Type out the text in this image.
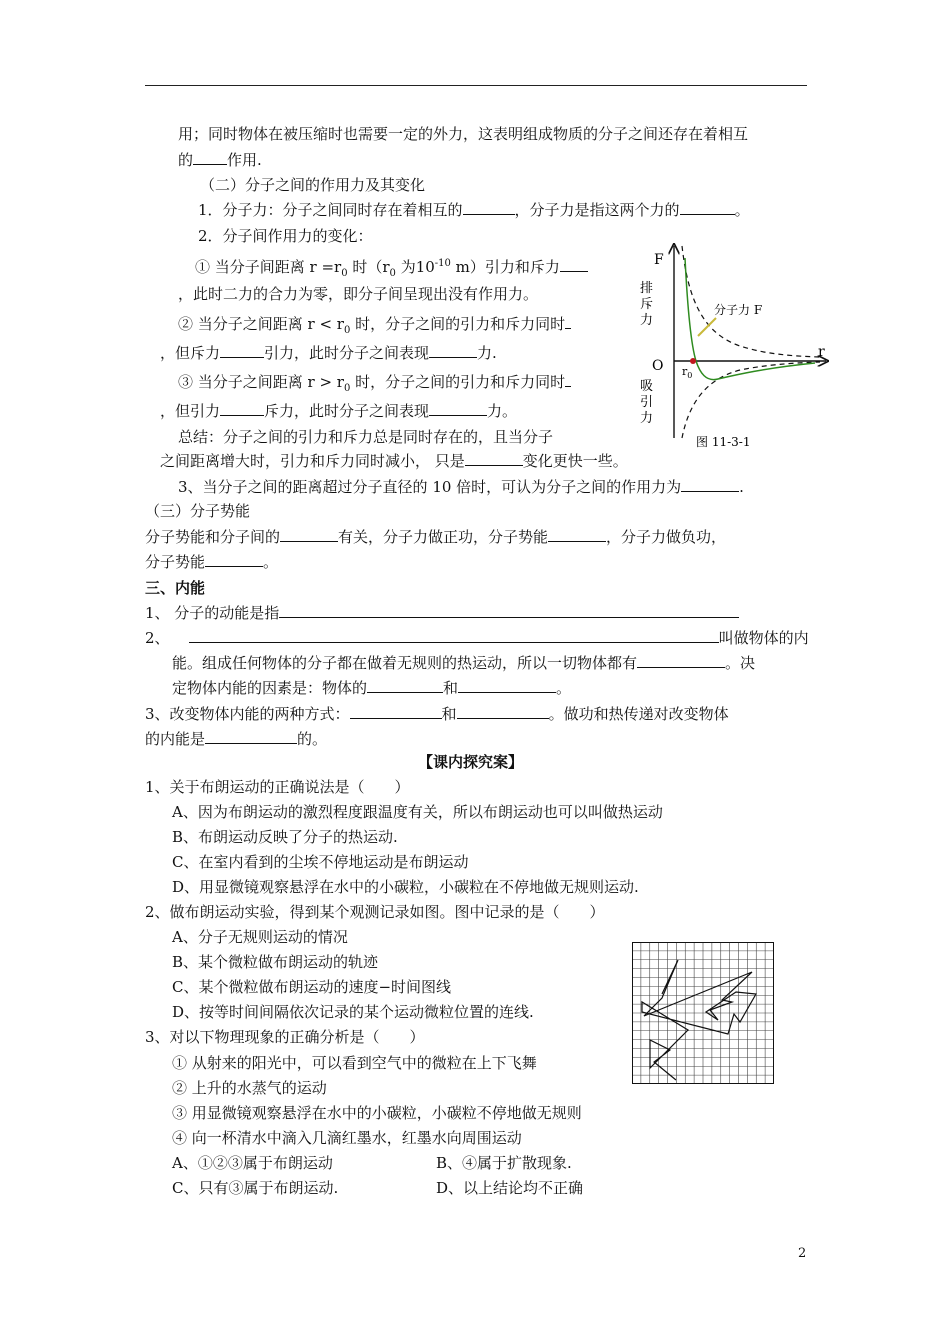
用；同时物体在被压缩时也需要一定的外力，这表明组成物质的分子之间还存在着相互
的 作用.
（二）分子之间的作用力及其变化
1．分子力：分子之间同时存在着相互的	，分子力是指这两个力的	。
2．分子间作用力的变化：
① 当分子间距离 $r =r_0$ 时（$r_0$ 为$10^{-10}$ m）引力和斥力
，此时二力的合力为零，即分子间呈现出没有作用力。
② 当分子之间距离 $r < r_0$ 时，分子之间的引力和斥力同时
，但斥力	引力，此时分子之间表现	力.
③ 当分子之间距离 $r > r_0$ 时，分子之间的引力和斥力同时
，但引力	斥力，此时分子之间表现	力。
总结：分子之间的引力和斥力总是同时存在的，且当分子
之间距离增大时，引力和斥力同时减小， 只是	变化更快一些。
3、当分子之间的距离超过分子直径的 10 倍时，可认为分子之间的作用力为	.
（三）分子势能
分子势能和分子间的	有关，分子力做正功，分子势能	，分子力做负功，
分子势能	。
三、内能
1、 分子的动能是指
2、	叫做物体的内
能。组成任何物体的分子都在做着无规则的热运动，所以一切物体都有	。决
定物体内能的因素是：物体的	和	。
3、改变物体内能的两种方式：	和	。做功和热传递对改变物体
的内能是	的。
【课内探究案】
1、关于布朗运动的正确说法是（　　）
A、因为布朗运动的激烈程度跟温度有关，所以布朗运动也可以叫做热运动
B、布朗运动反映了分子的热运动.
C、在室内看到的尘埃不停地运动是布朗运动
D、用显微镜观察悬浮在水中的小碳粒，小碳粒在不停地做无规则运动.
2、做布朗运动实验，得到某个观测记录如图。图中记录的是（　　）
A、分子无规则运动的情况
B、某个微粒做布朗运动的轨迹
C、某个微粒做布朗运动的速度−时间图线
D、按等时间间隔依次记录的某个运动微粒位置的连线.
3、对以下物理现象的正确分析是（　　）
① 从射来的阳光中，可以看到空气中的微粒在上下飞舞
② 上升的水蒸气的运动
③ 用显微镜观察悬浮在水中的小碳粒，小碳粒不停地做无规则
④ 向一杯清水中滴入几滴红墨水，红墨水向周围运动
A、①②③属于布朗运动	B、④属于扩散现象.
C、只有③属于布朗运动.	D、以上结论均不正确
F
r
O $r_0$
排
斥
力
吸
引
力
分子力 F
图 11-3-1
2
